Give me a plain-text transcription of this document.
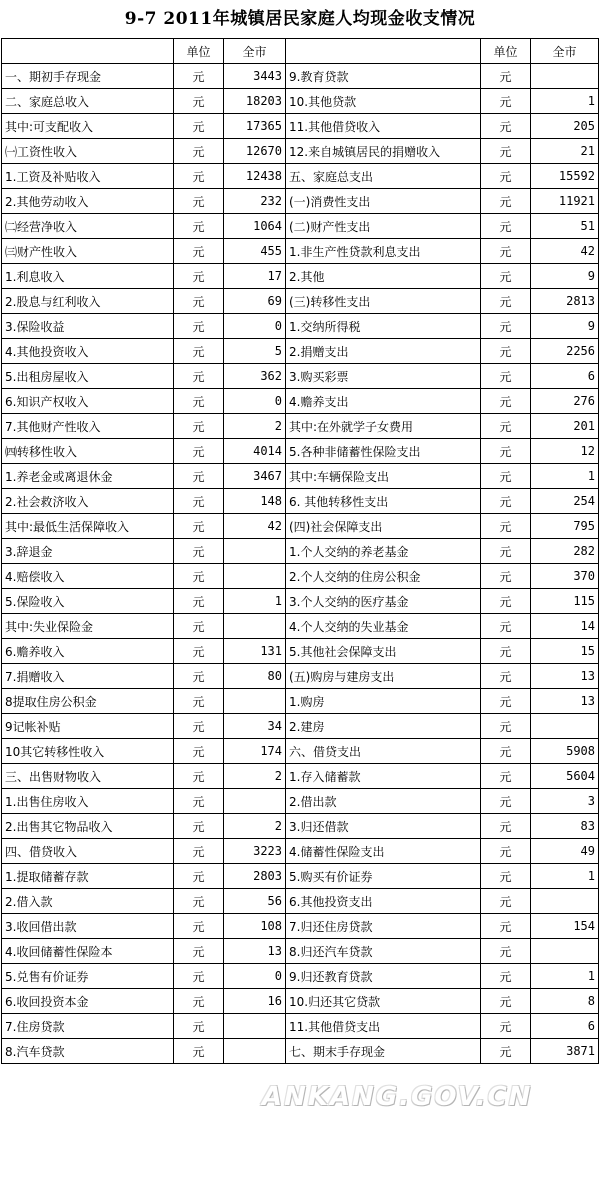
9-7 2011年城镇居民家庭人均现金收支情况
	单位	全市		单位	全市
一、期初手存现金	元	3443	9.教育贷款	元	
二、家庭总收入	元	18203	10.其他贷款	元	1
其中:可支配收入	元	17365	11.其他借贷收入	元	205
㈠工资性收入	元	12670	12.来自城镇居民的捐赠收入	元	21
1.工资及补贴收入	元	12438	五、家庭总支出	元	15592
2.其他劳动收入	元	232	(一)消费性支出	元	11921
㈡经营净收入	元	1064	(二)财产性支出	元	51
㈢财产性收入	元	455	1.非生产性贷款利息支出	元	42
1.利息收入	元	17	2.其他	元	9
2.股息与红利收入	元	69	(三)转移性支出	元	2813
3.保险收益	元	0	1.交纳所得税	元	9
4.其他投资收入	元	5	2.捐赠支出	元	2256
5.出租房屋收入	元	362	3.购买彩票	元	6
6.知识产权收入	元	0	4.赡养支出	元	276
7.其他财产性收入	元	2	其中:在外就学子女费用	元	201
㈣转移性收入	元	4014	5.各种非储蓄性保险支出	元	12
1.养老金或离退休金	元	3467	其中:车辆保险支出	元	1
2.社会救济收入	元	148	6. 其他转移性支出	元	254
其中:最低生活保障收入	元	42	(四)社会保障支出	元	795
3.辞退金	元		1.个人交纳的养老基金	元	282
4.赔偿收入	元		2.个人交纳的住房公积金	元	370
5.保险收入	元	1	3.个人交纳的医疗基金	元	115
其中:失业保险金	元		4.个人交纳的失业基金	元	14
6.赡养收入	元	131	5.其他社会保障支出	元	15
7.捐赠收入	元	80	(五)购房与建房支出	元	13
8提取住房公积金	元		1.购房	元	13
9记帐补贴	元	34	2.建房	元	
10其它转移性收入	元	174	六、借贷支出	元	5908
三、出售财物收入	元	2	1.存入储蓄款	元	5604
1.出售住房收入	元		2.借出款	元	3
2.出售其它物品收入	元	2	3.归还借款	元	83
四、借贷收入	元	3223	4.储蓄性保险支出	元	49
1.提取储蓄存款	元	2803	5.购买有价证券	元	1
2.借入款	元	56	6.其他投资支出	元	
3.收回借出款	元	108	7.归还住房贷款	元	154
4.收回储蓄性保险本	元	13	8.归还汽车贷款	元	
5.兑售有价证券	元	0	9.归还教育贷款	元	1
6.收回投资本金	元	16	10.归还其它贷款	元	8
7.住房贷款	元		11.其他借贷支出	元	6
8.汽车贷款	元		七、期末手存现金	元	3871
ANKANG.GOV.CN
